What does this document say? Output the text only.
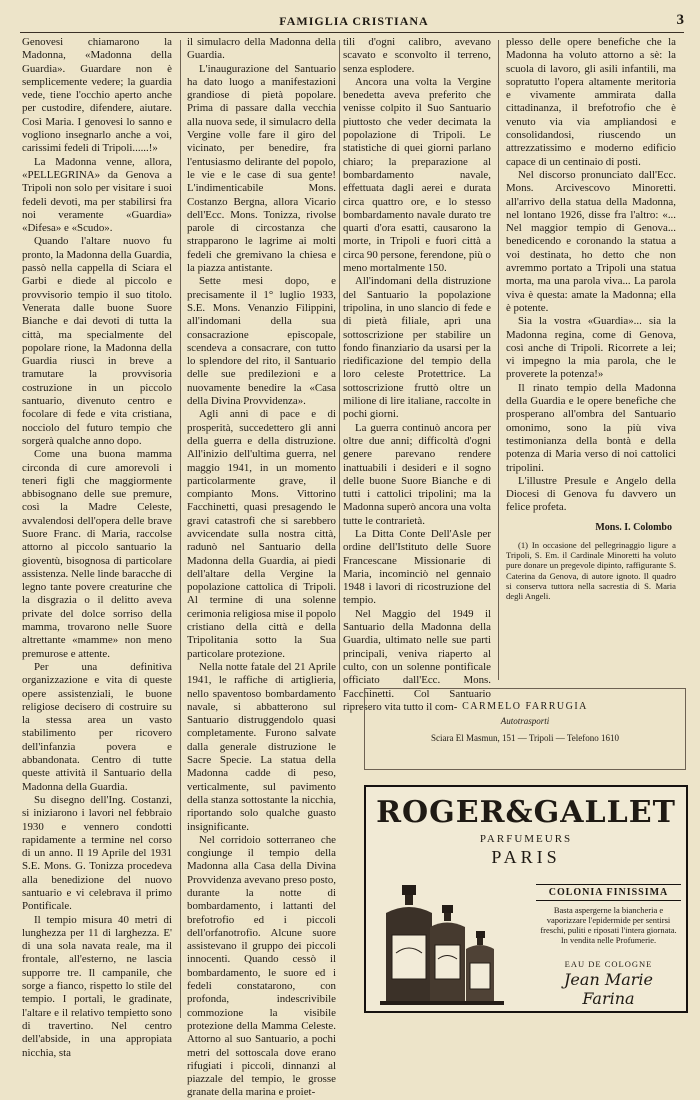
FAMIGLIA CRISTIANA	3

Genovesi chiamarono la Madonna, «Madonna della Guardia». Guardare non è semplicemente vedere; la guardia vede, tiene l'occhio aperto anche per custodire, difendere, aiutare. Così Maria. I genovesi lo sanno e vogliono insegnarlo anche a voi, carissimi fedeli di Tripoli......!»

La Madonna venne, allora, «PELLEGRINA» da Genova a Tripoli non solo per visitare i suoi fedeli devoti, ma per stabilirsi fra noi veramente «Guardia» «Difesa» e «Scudo».

Quando l'altare nuovo fu pronto, la Madonna della Guardia, passò nella cappella di Sciara el Garbi e diede al piccolo e provvisorio tempio il suo titolo. Venerata dalle buone Suore Bianche e dai devoti di tutta la città, ma specialmente del popolare rione, la Madonna della Guardia riuscì in breve a tramutare la provvisoria costruzione in un piccolo santuario, divenuto centro e focolare di fede e vita cristiana, nocciolo del futuro tempio che sorgerà qualche anno dopo.

Come una buona mamma circonda di cure amorevoli i teneri figli che maggiormente abbisognano delle sue premure, così la Madre Celeste, avvalendosi dell'opera delle brave Suore Franc. di Maria, raccolse attorno al piccolo santuario la gioventù, bisognosa di particolare assistenza. Nelle linde baracche di legno tante povere creaturine che la disgrazia o il delitto aveva private del dolce sorriso della mamma, trovarono nelle Suore altrettante «mamme» non meno premurose e attente.

Per una definitiva organizzazione e vita di queste opere assistenziali, le buone religiose decisero di costruire su la stessa area un vasto stabilimento per ricovero dell'infanzia povera e abbandonata. Centro di tutte queste attività il Santuario della Madonna della Guardia.

Su disegno dell'Ing. Costanzi, si iniziarono i lavori nel febbraio 1930 e vennero condotti rapidamente a termine nel corso di un anno. Il 19 Aprile del 1931 S.E. Mons. G. Tonizza procedeva alla benedizione del nuovo santuario e vi celebrava il primo Pontificale.

Il tempio misura 40 metri di lunghezza per 11 di larghezza. E' di una sola navata reale, ma il frontale, all'esterno, ne lascia supporre tre. Il campanile, che sorge a fianco, rispetto lo stile del tempio. I portali, le gradinate, l'altare e il relativo tempietto sono di travertino. Nel centro dell'abside, in una appropiata nicchia, sta

il simulacro della Madonna della Guardia.

L'inaugurazione del Santuario ha dato luogo a manifestazioni grandiose di pietà popolare. Prima di passare dalla vecchia alla nuova sede, il simulacro della Vergine volle fare il giro del vicinato, per benedire, fra l'entusiasmo delirante del popolo, le vie e le case di sua gente! L'indimenticabile Mons. Costanzo Bergna, allora Vicario dell'Ecc. Mons. Tonizza, rivolse parole di circostanza che strapparono le lagrime ai molti fedeli che gremivano la chiesa e la piazza antistante.

Sette mesi dopo, e precisamente il 1° luglio 1933, S.E. Mons. Venanzio Filippini, all'indomani della sua consacrazione episcopale, scendeva a consacrare, con tutto lo splendore del rito, il Santuario delle sue predilezioni e a nuovamente benedire la «Casa della Divina Provvidenza».

Agli anni di pace e di prosperità, succedettero gli anni della guerra e della distruzione. All'inizio dell'ultima guerra, nel maggio 1941, in un momento particolarmente grave, il compianto Mons. Vittorino Facchinetti, quasi presagendo le gravi catastrofi che si sarebbero avvicendate sulla nostra città, radunò nel Santuario della Madonna della Guardia, ai piedi dell'altare della Vergine la popolazione cattolica di Tripoli. Al termine di una solenne cerimonia religiosa mise il popolo cristiano della città e della Tripolitania sotto la Sua particolare protezione.

Nella notte fatale del 21 Aprile 1941, le raffiche di artiglieria, nello spaventoso bombardamento navale, si abbatterono sul Santuario distruggendolo quasi completamente. Furono salvate dalla generale distruzione le Sacre Specie. La statua della Madonna cadde di peso, verticalmente, sul pavimento della stanza sottostante la nicchia, riportando solo qualche guasto insignificante.

Nel corridoio sotterraneo che congiunge il tempio della Madonna alla Casa della Divina Provvidenza avevano preso posto, durante la notte di bombardamento, i lattanti del brefotrofio ed i piccoli dell'orfanotrofio. Alcune suore assistevano il gruppo dei piccoli innocenti. Quando cessò il bombardamento, le suore ed i fedeli constatarono, con profonda, indescrivibile commozione la visibile protezione della Mamma Celeste. Attorno al suo Santuario, a pochi metri del sottoscala dove erano rifugiati i piccoli, dinnanzi al piazzale del tempio, le grosse granate della marina e proiet-

tili d'ogni calibro, avevano scavato e sconvolto il terreno, senza esplodere.

Ancora una volta la Vergine benedetta aveva preferito che venisse colpito il Suo Santuario piuttosto che veder decimata la popolazione di Tripoli. Le statistiche di quei giorni parlano chiaro; la preparazione al bombardamento navale, effettuata dagli aerei e durata circa quattro ore, e lo stesso bombardamento navale durato tre quarti d'ora esatti, causarono la morte, in Tripoli e fuori città a circa 90 persone, ferendone, più o meno mortalmente 150.

All'indomani della distruzione del Santuario la popolazione tripolina, in uno slancio di fede e di pietà filiale, aprì una sottoscrizione per stabilire un fondo finanziario da usarsi per la riedificazione del tempio della loro celeste Protettrice. La sottoscrizione fruttò oltre un milione di lire italiane, raccolte in pochi giorni.

La guerra continuò ancora per oltre due anni; difficoltà d'ogni genere parevano rendere inattuabili i desideri e il sogno delle buone Suore Bianche e di tutti i cattolici tripolini; ma la Madonna superò ancora una volta tutte le contrarietà.

La Ditta Conte Dell'Asle per ordine dell'Istituto delle Suore Francescane Missionarie di Maria, incominciò nel gennaio 1948 i lavori di ricostruzione del tempio.

Nel Maggio del 1949 il Santuario della Madonna della Guardia, ultimato nelle sue parti principali, veniva riaperto al culto, con un solenne pontificale officiato dall'Ecc. Mons. Facchinetti. Col Santuario ripresero vita tutto il com-

plesso delle opere benefiche che la Madonna ha voluto attorno a sè: la scuola di lavoro, gli asili infantili, ma sopratutto l'opera altamente meritoria e vivamente ammirata dalla cittadinanza, il brefotrofio che è venuto via via ampliandosi e consolidandosi, riuscendo un attrezzatissimo e moderno edificio capace di un centinaio di posti.

Nel discorso pronunciato dall'Ecc. Mons. Arcivescovo Minoretti. all'arrivo della statua della Madonna, nel lontano 1926, disse fra l'altro: «... Nel maggior tempio di Genova... benedicendo e coronando la statua a voi destinata, ho detto che non avremmo portato a Tripoli una statua morta, ma una parola viva... La parola viva è questa: amate la Madonna; ella è potente.

Sia la vostra «Guardia»... sia la Madonna regina, come di Genova, così anche di Tripoli. Ricorrete a lei; vi impegno la mia parola, che le proverete la potenza!»

Il rinato tempio della Madonna della Guardia e le opere benefiche che prosperano all'ombra del Santuario omonimo, sono la più viva testimonianza della bontà e della potenza di Maria verso di noi cattolici tripolini.

L'illustre Presule e Angelo della Diocesi di Genova fu davvero un felice profeta.

Mons. I. Colombo

(1) In occasione del pellegrinaggio ligure a Tripoli, S. Em. il Cardinale Minoretti ha voluto pure donare un pregevole dipinto, raffigurante S. Caterina da Genova, di autore ignoto. Il quadro si conserva tuttora nella sacrestia di S. Maria degli Angeli.

CARMELO FARRUGIA
Autotrasporti
Sciara El Masmun, 151 — Tripoli — Telefono 1610
ROGER&GALLET
PARFUMEURS
PARIS
COLONIA FINISSIMA
Basta aspergerne la biancheria e vaporizzare l'epidermide per sentirsi freschi, puliti e riposati l'intera giornata. In vendita nelle Profumerie.
EAU DE COLOGNE
Jean Marie Farina
